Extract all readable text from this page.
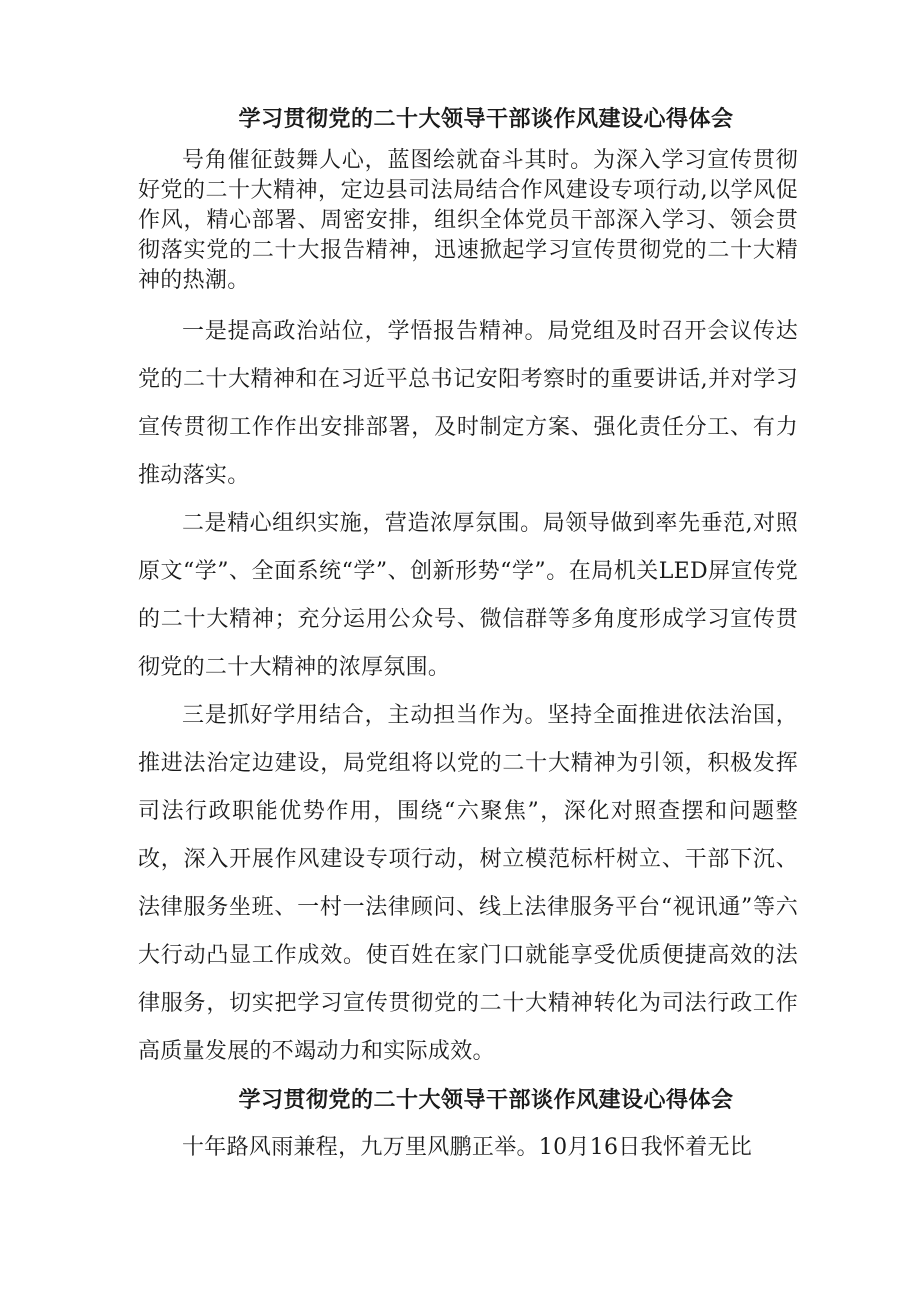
学习贯彻党的二十大领导干部谈作风建设心得体会

号角催征鼓舞人心，蓝图绘就奋斗其时。为深入学习宣传贯彻好党的二十大精神，定边县司法局结合作风建设专项行动,以学风促作风，精心部署、周密安排，组织全体党员干部深入学习、领会贯彻落实党的二十大报告精神，迅速掀起学习宣传贯彻党的二十大精神的热潮。

一是提高政治站位，学悟报告精神。局党组及时召开会议传达党的二十大精神和在习近平总书记安阳考察时的重要讲话,并对学习宣传贯彻工作作出安排部署，及时制定方案、强化责任分工、有力推动落实。

二是精心组织实施，营造浓厚氛围。局领导做到率先垂范,对照原文“学”、全面系统“学”、创新形势“学”。在局机关LED屏宣传党的二十大精神；充分运用公众号、微信群等多角度形成学习宣传贯彻党的二十大精神的浓厚氛围。

三是抓好学用结合，主动担当作为。坚持全面推进依法治国，推进法治定边建设，局党组将以党的二十大精神为引领，积极发挥司法行政职能优势作用，围绕“六聚焦”，深化对照查摆和问题整改，深入开展作风建设专项行动，树立模范标杆树立、干部下沉、法律服务坐班、一村一法律顾问、线上法律服务平台“视讯通”等六大行动凸显工作成效。使百姓在家门口就能享受优质便捷高效的法律服务，切实把学习宣传贯彻党的二十大精神转化为司法行政工作高质量发展的不竭动力和实际成效。

学习贯彻党的二十大领导干部谈作风建设心得体会

十年路风雨兼程，九万里风鹏正举。10月16日我怀着无比
